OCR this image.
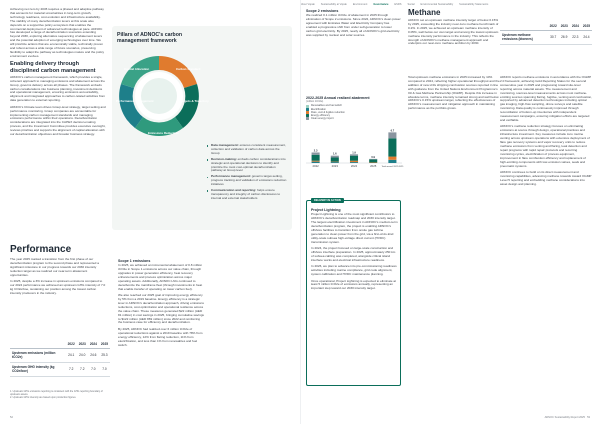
About Vopak Sustainability at Vopak Environment Governance ESRS Social Environmental Sustainability Sustainability Statements

Achieving net zero by 2045 requires a phased and adaptive pathway that accounts for material uncertainties in long-term growth, technology readiness, cost evolution and infrastructure availability. The viability of many decarbonization levers at this scale also depends on a supportive policy ecosystem that enables the commercial deployment of advanced technologies at pace. ADNOC has developed a range of decarbonization scenarios extending beyond 2030, exploring alternative sequencing of abatement levers and the potential adoption of emerging technologies over time. We will prioritize actions that are economically viable, technically proven and robust across a wide range of future scenarios, preserving flexibility to adapt the pathway as technologies mature and the policy environment evolves.

Enabling delivery through disciplined carbon management

ADNOC's carbon management framework, which provides a single, coherent approach to managing emissions and abatement across the Group, governs delivery across all phases. The framework embeds carbon considerations into business planning, investment decisions and operational management, ensuring emissions accountability, alignment and integrated approaches to carbon-related activities from data generation to external reporting.

ADNOC's Climate team drives Group-level strategy, target setting and performance monitoring. Group companies are accountable for implementing carbon management standards and managing emissions performance within their operations. Decarbonization considerations are integrated into the CAPEX decision-making process, and the Investment Committee provides executive oversight, reviews priorities and supports the alignment of capital allocation with our decarbonization objectives and broader business strategy.

Pillars of ADNOC's carbon management framework
Carbon Standard
Targets & Trajectory
Emissions Reduction
Performance Management
Capital Allocation
Data management: ensures consistent measurement, collection and validation of carbon data across the Group
Decision-making: embeds carbon considerations into strategic and operational decisions to identify and prioritize the most cost-optimal decarbonization pathway at Group level
Performance management: governs target-setting, progress tracking and validation of emissions reduction initiatives
Communication and reporting: helps ensure transparency and integrity of carbon disclosures to internal and external stakeholders
Performance

The year 2025 marked a transition from the first phase of our decarbonization program to the second phase and represented a significant milestone in our progress towards our 2030 intensity reduction target as we realized our near-term abatement opportunities.

In 2025, despite a 3% increase in upstream emissions compared to our 2024 performance we achieved an upstream GHG intensity of 7.0 kg CO2e/boe, sustaining our position among the lowest carbon intensity producers in the industry.

	2022	2023	2024	2025
Upstream emissions (million tCO2e)	24.1	24.0	24.6	25.3
Upstream GHG intensity (kg CO2e/boe)	7.2	7.2	7.0	7.0
Scope 1 emissions

In 2025, we achieved an incremental abatement of 0.8 million tCO2e in Scope 1 emissions across our value chain, through upgrades in power generation efficiency, heat recovery enhancements and process optimization across major operating assets. Additionally, ADNOC LNG continued to decarbonize the mainframe fleet (through investments in heat that enable transfer of operating on lower carbon fuel).

We also reached our 2025 goal of improving energy efficiency by 5% from a 2019 baseline. Energy efficiency is a strategic lever in ADNOC's decarbonization approach, driving emissions reductions, cost optimization and operational resilience across the value chain. These measures generated $22 million (AED 81 million) in cost savings in 2025, bringing cumulative savings to $122 million (AED 869 million) since 2022 and reinforcing the business case for efficiency and decarbonization.

By 2025, ADNOC had realized over 6 million tCO2e of operational reductions against a 2019 baseline with 78% from energy efficiency, 12% from flaring reduction, 11% from electrification, and less than 1% from renewables and fuel switch.

1. Upstream GHG emissions reporting is consistent with the GHG reporting boundary of upstream assets.
2. Upstream GHG intensity are based upon production figures.
52
Scope 2 emissions

We realized 0.1 million tCO2e of abatement in 2025 through elimination of Scope 2 emissions. Since 2022, ADNOC's clean power agreement with Emirates Water and Electricity Company has enabled a progressive shift from under self-generation to lower carbon grid electricity. By 2025, nearly all of ADNOC's grid electricity was supplied by nuclear and solar sources.

2022-2025 Annual realized abatement
(million tCO2e)
Renewables and fuel switch
Electrification
Flare, vent & fugitive reduction
Energy efficiency
Clean energy import
2.3
2022
1.6
2023
1.9
2024
0.9
2025
6.7
Total annual 2022-2025
DELIVERY IN ACTION
Project Lightning

Project Lightning is one of the most significant contributors to ADNOC's decarbonization roadmap and 2030 intensity target. The largest electrification investment in ADNOC's medium-term decarbonization program, the project is enabling ADNOC's offshore facilities to transition from onsite gas turbine generation to clean power from the grid, via a first-of-its-kind utility-scale subsea high-voltage direct current (HVDC) transmission system.

In 2024, the project focused on large-scale construction and offshore interface preparation. In 2025, approximately 250 km of subsea cabling was completed, alongside critical island interface works and electrical infrastructure readiness.

In 2026, we plan to advance into pre-commissioning readiness activities including marine compliance, grid code alignment, system calibration and HVDC maintenance planning.

Once operational, Project Lightning is expected to eliminate at least 5 million tCO2e of emissions annually, representing an important step toward our 2030 intensity target.

Methane

ADNOC set an upstream methane intensity target of below 0.15% by 2025, exceeding the industry near-zero methane benchmark of 0.2%. In 2025, we achieved an upstream methane intensity of 0.05%, well below our own target and among the lowest upstream methane intensity performance in the industry. This reflects the strength of ADNOC's methane management approach and underpins our near-zero methane ambition by 2030.

	2022	2023	2024	2025
Upstream methane emissions (ktonnes)	30.7	26.9	22.3	24.4

Total upstream methane emissions in 2025 increased by 10% compared to 2024, reflecting higher operational throughput and the addition of new LNG shipping combustion sources reported in line with guidance from the United Nations Environment Programme's Oil & Gas Methane Partnership (OGMP). Despite this increase in absolute terms, methane intensity remained strong and well below ADNOC's 0.15% upstream target, reflecting the effectiveness of ADNOC's measurement and mitigation approach in maintaining performance as the portfolio grows.

ADNOC reports methane emissions in accordance with the OGMP 2.0 framework, achieving Gold Reporting Status for the second consecutive year in 2025 and progressing toward site-level reporting across material assets. The measurement and monitoring, sources-level measurements across most methane-emitting sources spanning flaring, fugitive, venting and combustion, supported by advanced detection technologies including optical gas imaging, high-flow sampling, drone surveys and satellite monitoring. Data quality is continuously improved through reconciliation of bottom-up inventories with independent measurement campaigns, ensuring mitigation efforts are targeted and verifiable.

ADNOC's methane reduction strategy focuses on eliminating emissions at source through design, operational practices and infrastructure investment. Key measures include zero routine venting across upstream operations with extensive deployment of flare gas recovery systems and vapor recovery units to reduce methane emissions from venting and flaring, leak detection and repair programs with rapid repair protocols and recurring monitoring cycles, electrification of process equipment, improvement in flare combustion efficiency and replacement of high-emitting components with low-emission valves, seals and pneumatic systems.

ADNOC continues to build on its direct measurement and monitoring capabilities, advancing methane towards toward OGMP Level 5 reporting and embedding methane considerations into asset design and planning.

ADNOC Sustainability Report 2025 53
